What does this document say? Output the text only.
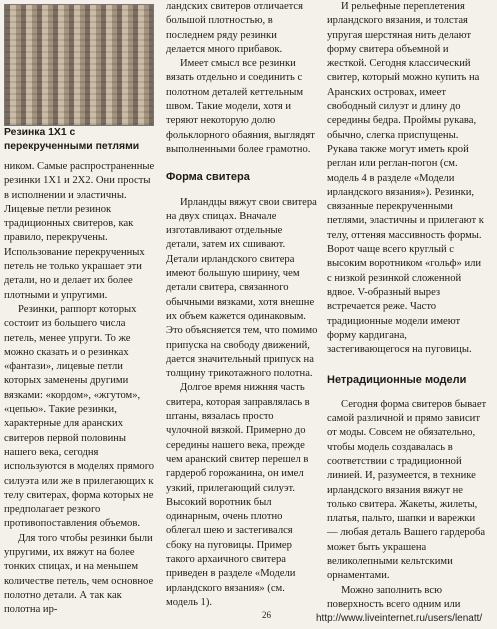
Резинка 1Х1 с перекрученными петлями

ником. Самые распространенные резинки 1Х1 и 2Х2. Они просты в исполнении и эластичны. Лицевые петли резинок традиционных свитеров, как правило, перекручены. Использование перекрученных петель не только украшает эти детали, но и делает их более плотными и упругими.

Резинки, раппорт которых состоит из большего числа петель, менее упруги. То же можно сказать и о резинках «фантази», лицевые петли которых заменены другими вязками: «кордом», «жгутом», «цепью». Такие резинки, характерные для аранских свитеров первой половины нашего века, сегодня используются в моделях прямого силуэта или же в прилегающих к телу свитерах, форма которых не предполагает резкого противопоставления объемов.

Для того чтобы резинки были упругими, их вяжут на более тонких спицах, и на меньшем количестве петель, чем основное полотно детали. А так как полотна ир-

ландских свитеров отличается большой плотностью, в последнем ряду резинки делается много прибавок.

Имеет смысл все резинки вязать отдельно и соединить с полотном деталей кеттельным швом. Такие модели, хотя и теряют некоторую долю фольклорного обаяния, выглядят выполненными более грамотно.

Форма свитера

Ирландцы вяжут свои свитера на двух спицах. Вначале изготавливают отдельные детали, затем их сшивают. Детали ирландского свитера имеют большую ширину, чем детали свитера, связанного обычными вязками, хотя внешне их объем кажется одинаковым. Это объясняется тем, что помимо припуска на свободу движений, дается значительный припуск на толщину трикотажного полотна.

Долгое время нижняя часть свитера, которая заправлялась в штаны, вязалась просто чулочной вязкой. Примерно до середины нашего века, прежде чем аранский свитер перешел в гардероб горожанина, он имел узкий, прилегающий силуэт. Высокий воротник был одинарным, очень плотно облегал шею и застегивался сбоку на пуговицы. Пример такого архаичного свитера приведен в разделе «Модели ирландского вязания» (см. модель 1).

И рельефные переплетения ирландского вязания, и толстая упругая шерстяная нить делают форму свитера объемной и жесткой. Сегодня классический свитер, который можно купить на Аранских островах, имеет свободный силуэт и длину до середины бедра. Проймы рукава, обычно, слегка приспущены. Рукава также могут иметь крой реглан или реглан-погон (см. модель 4 в разделе «Модели ирландского вязания»). Резинки, связанные перекрученными петлями, эластичны и прилегают к телу, оттеняя массивность формы. Ворот чаще всего круглый с высоким воротником «гольф» или с низкой резинкой сложенной вдвое. V-образный вырез встречается реже. Часто традиционные модели имеют форму кардигана, застегивающегося на пуговицы.

Нетрадиционные модели

Сегодня форма свитеров бывает самой различной и прямо зависит от моды. Совсем не обязательно, чтобы модель создавалась в соответствии с традиционной линией. И, разумеется, в технике ирландского вязания вяжут не только свитера. Жакеты, жилеты, платья, пальто, шапки и варежки — любая деталь Вашего гардероба может быть украшена великолепными кельтскими орнаментами.

Можно заполнить всю поверхность всего одним или

26	http://www.liveinternet.ru/users/lenatt/
